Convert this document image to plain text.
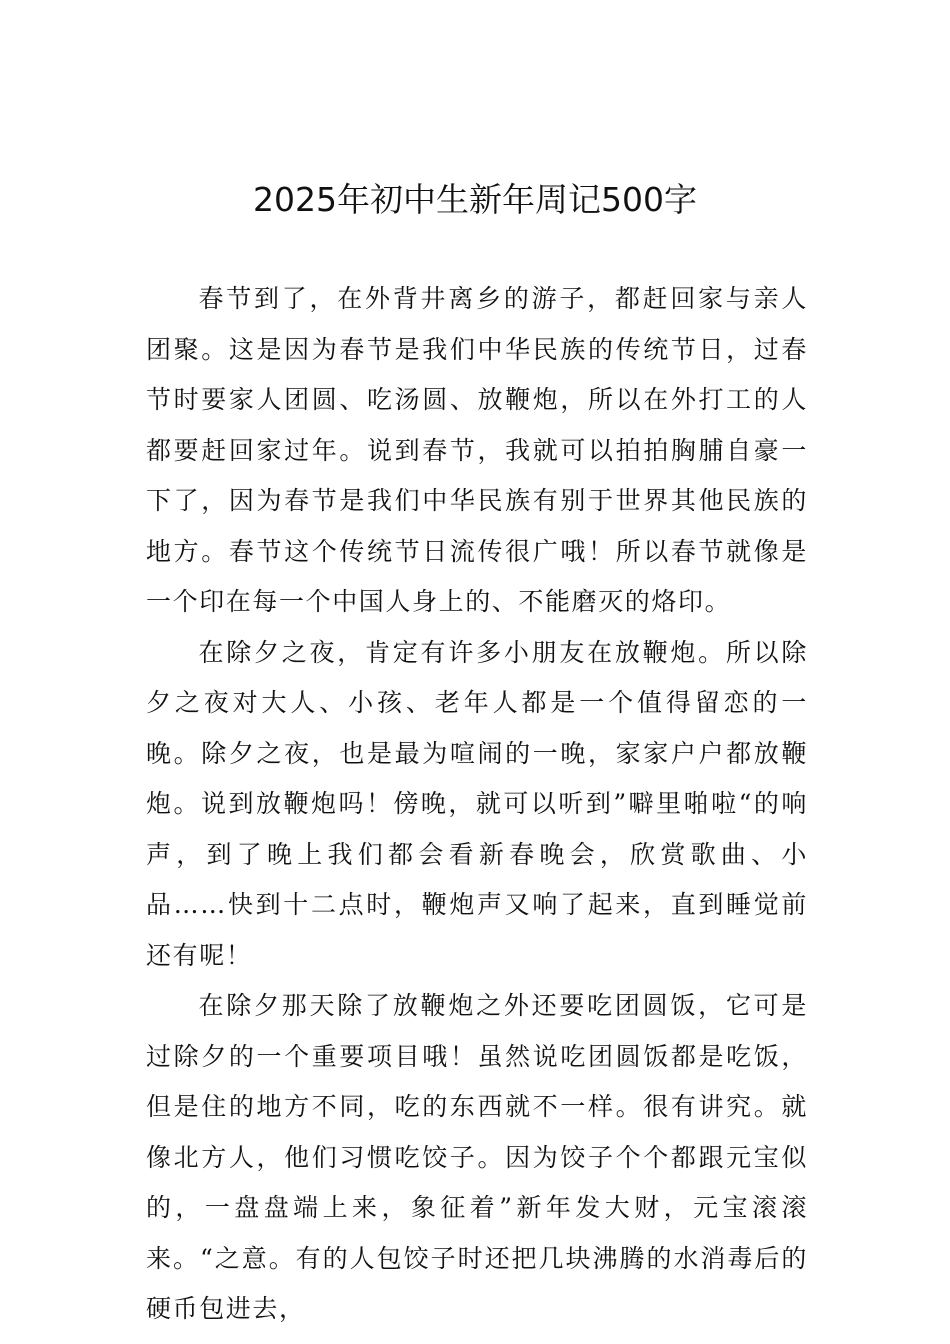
2025年初中生新年周记500字

春节到了，在外背井离乡的游子，都赶回家与亲人团聚。这是因为春节是我们中华民族的传统节日，过春节时要家人团圆、吃汤圆、放鞭炮，所以在外打工的人都要赶回家过年。说到春节，我就可以拍拍胸脯自豪一下了，因为春节是我们中华民族有别于世界其他民族的地方。春节这个传统节日流传很广哦！所以春节就像是一个印在每一个中国人身上的、不能磨灭的烙印。

在除夕之夜，肯定有许多小朋友在放鞭炮。所以除夕之夜对大人、小孩、老年人都是一个值得留恋的一晚。除夕之夜，也是最为喧闹的一晚，家家户户都放鞭炮。说到放鞭炮吗！傍晚，就可以听到”噼里啪啦“的响声，到了晚上我们都会看新春晚会，欣赏歌曲、小品……快到十二点时，鞭炮声又响了起来，直到睡觉前还有呢！

在除夕那天除了放鞭炮之外还要吃团圆饭，它可是过除夕的一个重要项目哦！虽然说吃团圆饭都是吃饭，但是住的地方不同，吃的东西就不一样。很有讲究。就像北方人，他们习惯吃饺子。因为饺子个个都跟元宝似的，一盘盘端上来，象征着”新年发大财，元宝滚滚来。“之意。有的人包饺子时还把几块沸腾的水消毒后的硬币包进去，
